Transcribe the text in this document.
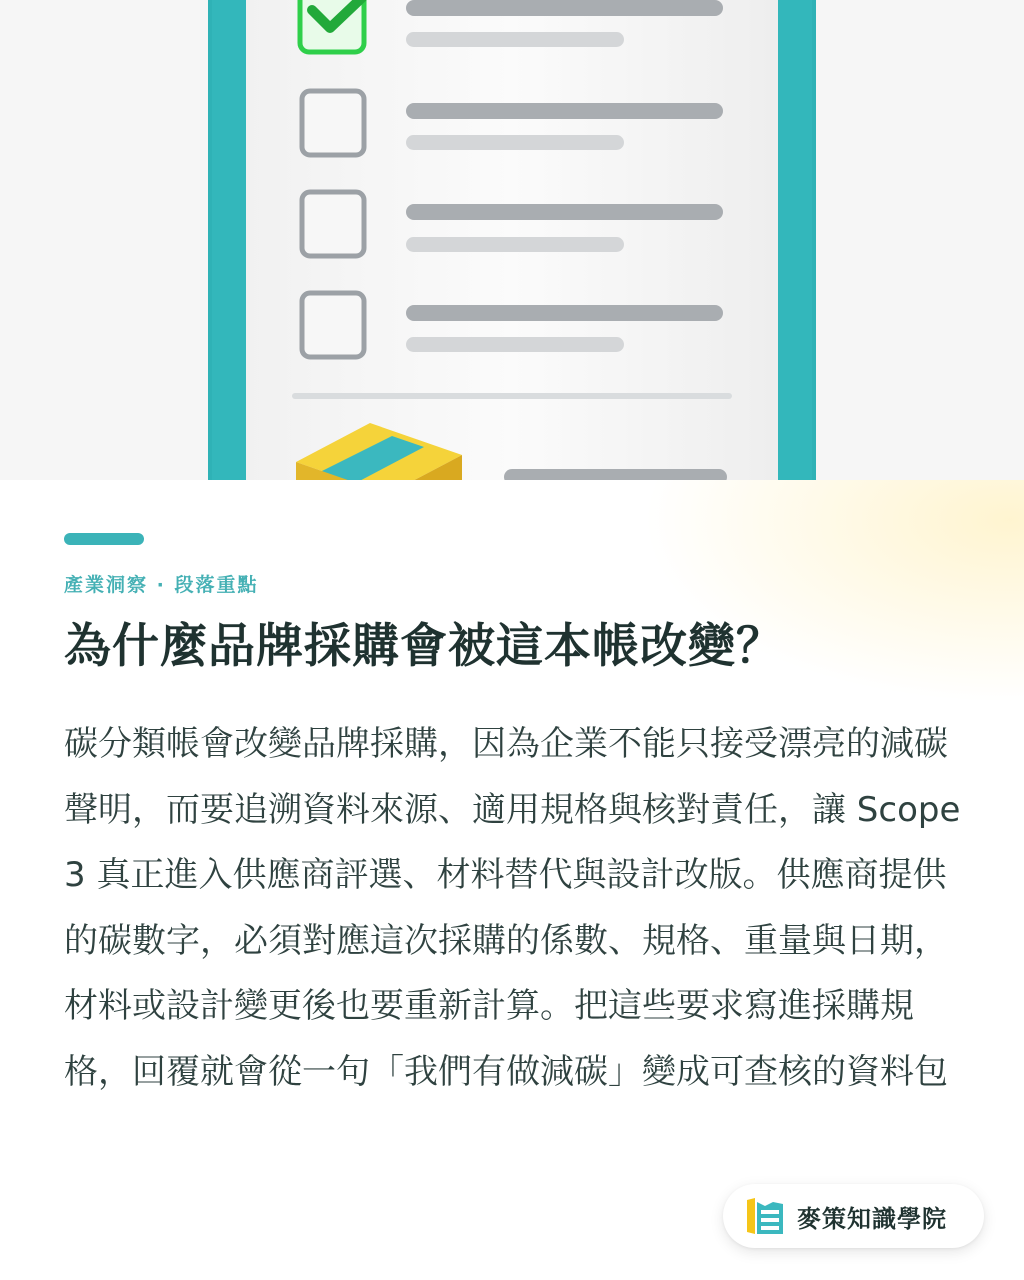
產業洞察 · 段落重點
為什麼品牌採購會被這本帳改變？

碳分類帳會改變品牌採購，因為企業不能只接受漂亮的減碳聲明，而要追溯資料來源、適用規格與核對責任，讓 Scope 3 真正進入供應商評選、材料替代與設計改版。供應商提供的碳數字，必須對應這次採購的係數、規格、重量與日期，材料或設計變更後也要重新計算。把這些要求寫進採購規格，回覆就會從一句「我們有做減碳」變成可查核的資料包

麥策知識學院
